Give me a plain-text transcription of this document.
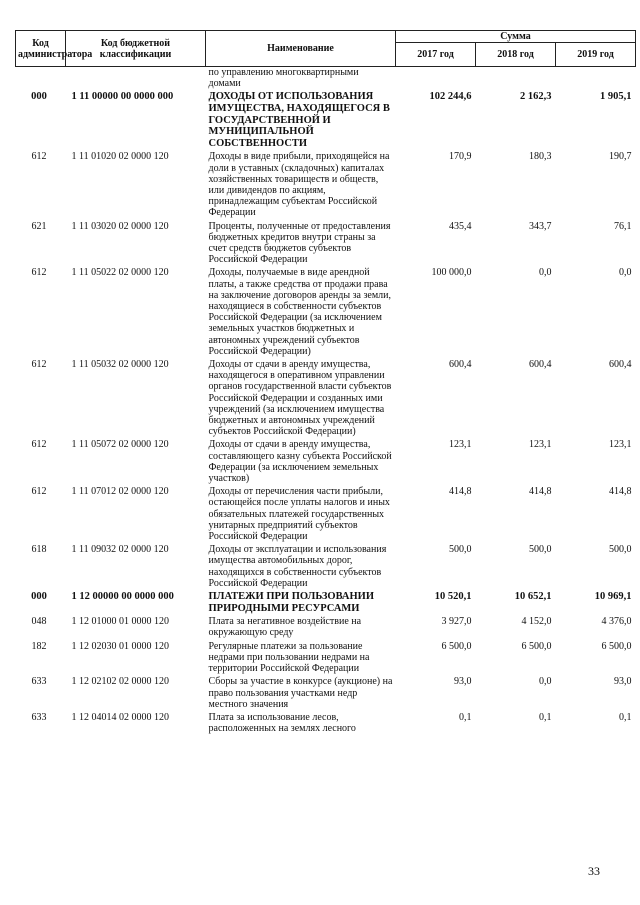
Код администратора	Код бюджетной классификации	Наименование	Сумма		
			2017 год	2018 год	2019 год
		по управлению многоквартирными домами			
000	1 11 00000 00 0000 000	ДОХОДЫ ОТ ИСПОЛЬЗОВАНИЯ ИМУЩЕСТВА, НАХОДЯЩЕГОСЯ В ГОСУДАРСТВЕННОЙ И МУНИЦИПАЛЬНОЙ СОБСТВЕННОСТИ	102 244,6	2 162,3	1 905,1
612	1 11 01020 02 0000 120	Доходы в виде прибыли, приходящейся на доли в уставных (складочных) капиталах хозяйственных товариществ и обществ, или дивидендов по акциям, принадлежащим субъектам Российской Федерации	170,9	180,3	190,7
621	1 11 03020 02 0000 120	Проценты, полученные от предоставления бюджетных кредитов внутри страны за счет средств бюджетов субъектов Российской Федерации	435,4	343,7	76,1
612	1 11 05022 02 0000 120	Доходы, получаемые в виде арендной платы, а также средства от продажи права на заключение договоров аренды за земли, находящиеся в собственности субъектов Российской Федерации (за исключением земельных участков бюджетных и автономных учреждений субъектов Российской Федерации)	100 000,0	0,0	0,0
612	1 11 05032 02 0000 120	Доходы от сдачи в аренду имущества, находящегося в оперативном управлении органов государственной власти субъектов Российской Федерации и созданных ими учреждений (за исключением имущества бюджетных и автономных учреждений субъектов Российской Федерации)	600,4	600,4	600,4
612	1 11 05072 02 0000 120	Доходы от сдачи в аренду имущества, составляющего казну субъекта Российской Федерации (за исключением земельных участков)	123,1	123,1	123,1
612	1 11 07012 02 0000 120	Доходы от перечисления части прибыли, остающейся после уплаты налогов и иных обязательных платежей государственных унитарных предприятий субъектов Российской Федерации	414,8	414,8	414,8
618	1 11 09032 02 0000 120	Доходы от эксплуатации и использования имущества автомобильных дорог, находящихся в собственности субъектов Российской Федерации	500,0	500,0	500,0
000	1 12 00000 00 0000 000	ПЛАТЕЖИ ПРИ ПОЛЬЗОВАНИИ ПРИРОДНЫМИ РЕСУРСАМИ	10 520,1	10 652,1	10 969,1
048	1 12 01000 01 0000 120	Плата за негативное воздействие на окружающую среду	3 927,0	4 152,0	4 376,0
182	1 12 02030 01 0000 120	Регулярные платежи за пользование недрами при пользовании недрами на территории Российской Федерации	6 500,0	6 500,0	6 500,0
633	1 12 02102 02 0000 120	Сборы за участие в конкурсе (аукционе) на право пользования участками недр местного значения	93,0	0,0	93,0
633	1 12 04014 02 0000 120	Плата за использование лесов, расположенных на землях лесного	0,1	0,1	0,1
33
